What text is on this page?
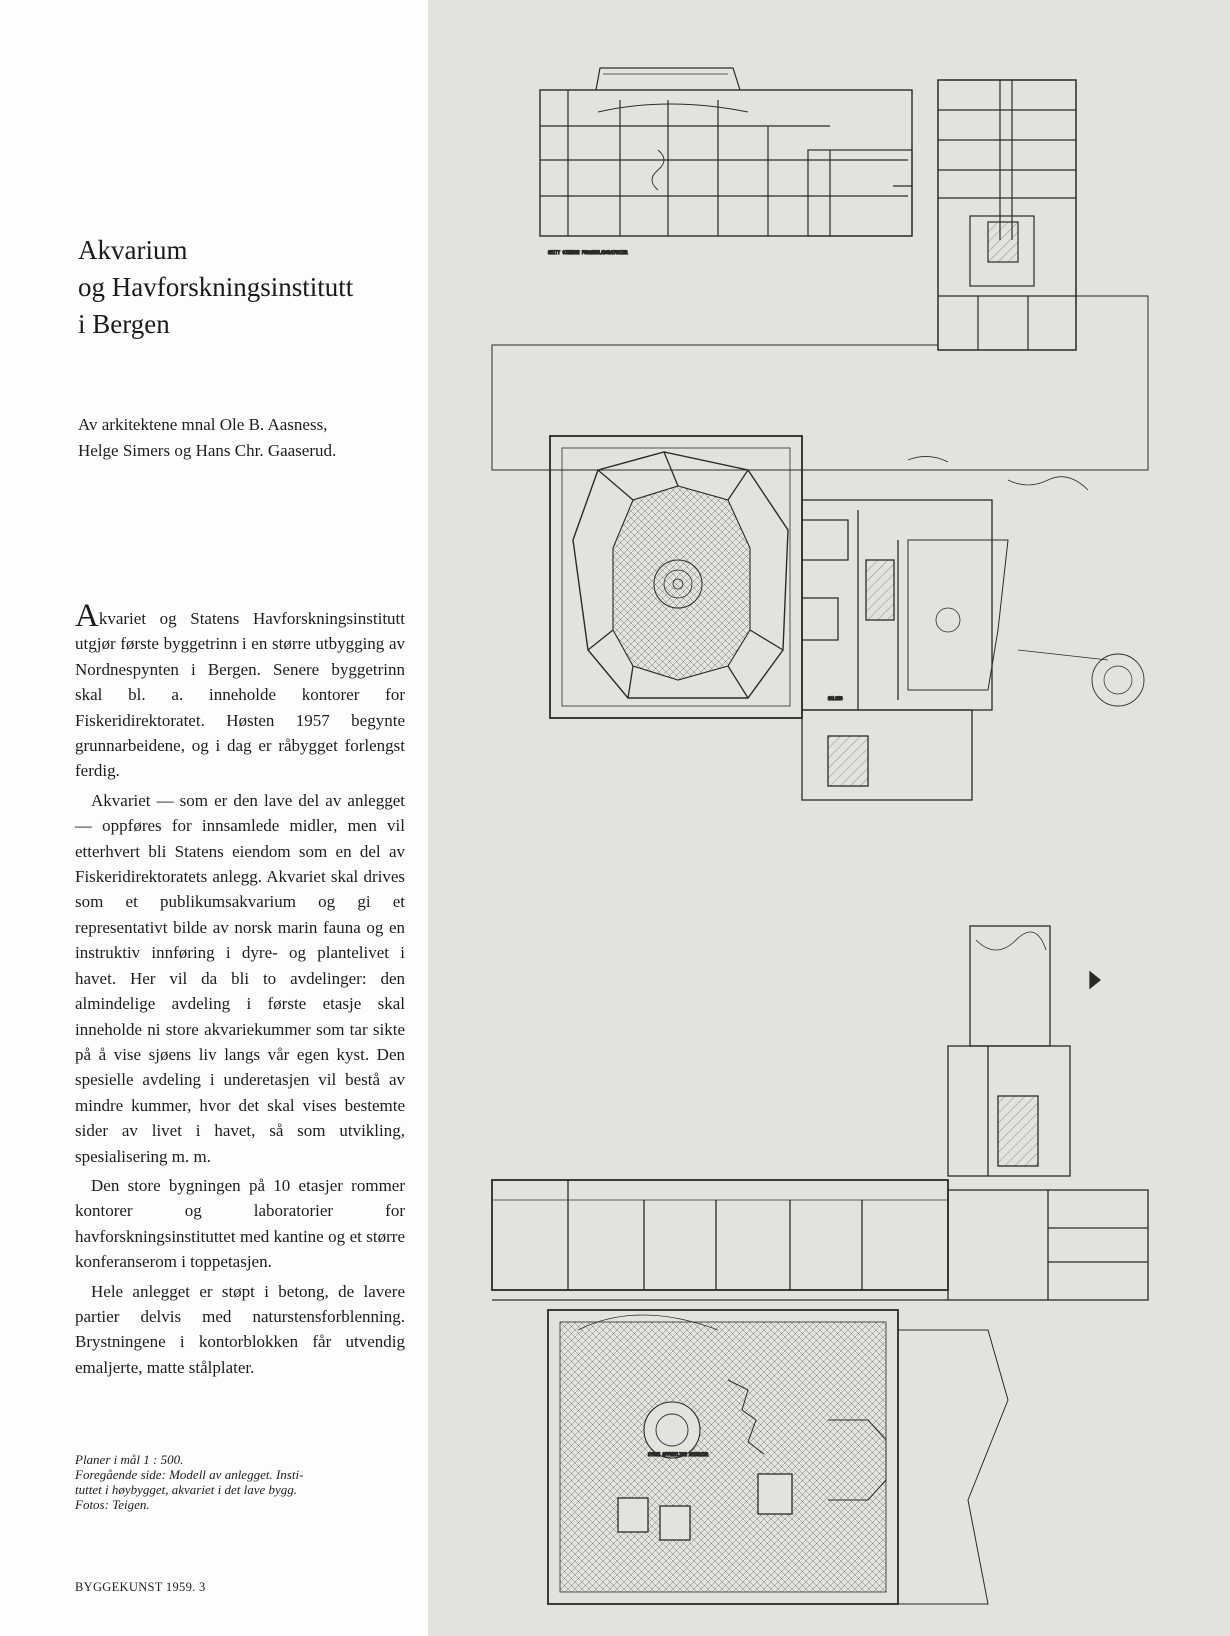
Akvarium
og Havforskningsinstitutt
i Bergen
Av arkitektene mnal Ole B. Aasness,
Helge Simers og Hans Chr. Gaaserud.

Akvariet og Statens Havforskningsinstitutt utgjør første byggetrinn i en større utbygging av Nordnespynten i Bergen. Senere byggetrinn skal bl. a. inneholde kontorer for Fiskeridirektoratet. Høsten 1957 begynte grunnarbeidene, og i dag er råbygget forlengst ferdig.

Akvariet — som er den lave del av anlegget — oppføres for innsamlede midler, men vil etterhvert bli Statens eiendom som en del av Fiskeridirektoratets anlegg. Akvariet skal drives som et publikumsakvarium og gi et representativt bilde av norsk marin fauna og en instruktiv innføring i dyre- og plantelivet i havet. Her vil da bli to avdelinger: den almindelige avdeling i første etasje skal inneholde ni store akvariekummer som tar sikte på å vise sjøens liv langs vår egen kyst. Den spesielle avdeling i underetasjen vil bestå av mindre kummer, hvor det skal vises bestemte sider av livet i havet, så som utvikling, spesialisering m. m.

Den store bygningen på 10 etasjer rommer kontorer og laboratorier for havforskningsinstituttet med kantine og et større konferanserom i toppetasjen.

Hele anlegget er støpt i betong, de lavere partier delvis med naturstensforblenning. Brystningene i kontorblokken får utvendig emaljerte, matte stålplater.

Planer i mål 1 : 500.
Foregående side: Modell av anlegget. Insti-
tuttet i høybygget, akvariet i det lave bygg.
Fotos: Teigen.
BYGGEKUNST 1959. 3
SNITT GJENNOM FORSØKSLABORATORIER
SALONG
STORE OFFENTLIGE AKVARIER
